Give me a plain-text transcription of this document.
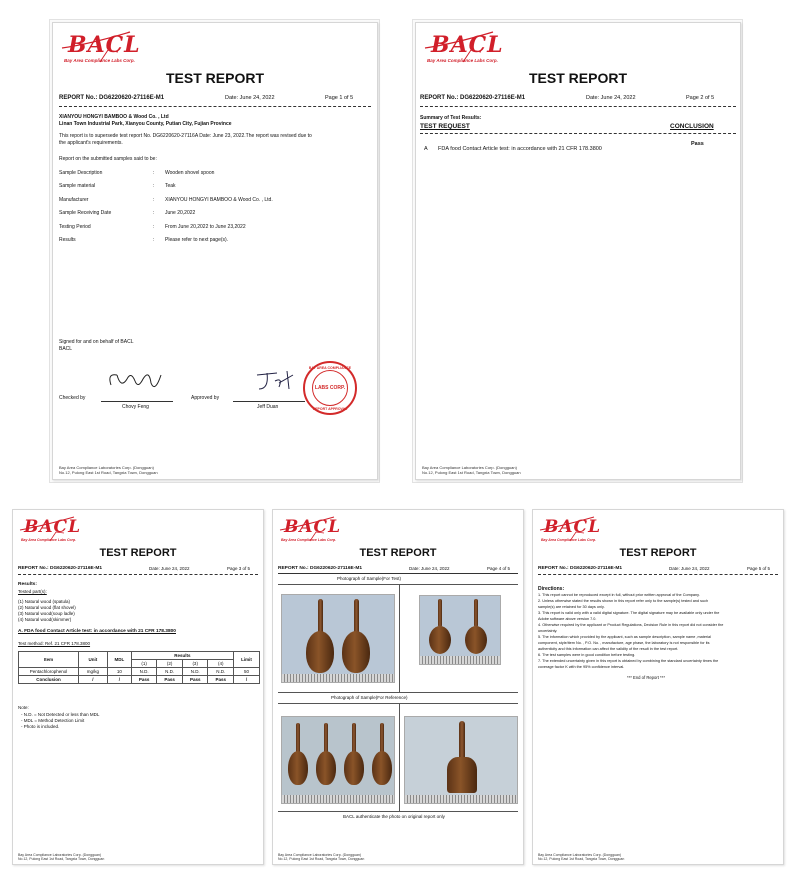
BACL
Bay Area Compliance Labs Corp.
TEST REPORT
REPORT No.: DG6220620-27116E-M1	Date: June 24, 2022	Page 1 of 5
XIANYOU HONGYI BAMBOO & Wood Co. , Ltd
Linan Town Industrial Park, Xianyou County, Putian City, Fujian Province
This report is to supersede test report No. DG6220620-27116A Date: June 23, 2022.The report was revised due to
the applicant's requirements.
Report on the submitted samples said to be:
Sample Description	: Wooden shovel spoon
Sample material	: Teak
Manufacturer	: XIANYOU HONGYI BAMBOO & Wood Co. , Ltd.
Sample Receiving Date	: June 20,2022
Testing Period	: From June 20,2022 to June 23,2022
Results	: Please refer to next page(s).
Signed for and on behalf of BACL
BACL
Checked by
Chovy Feng
Approved by
Jeff Duan
BAY AREA COMPLIANCE
LABS CORP.
REPORT APPROVAL
Bay Area Compliance Laboratories Corp. (Dongguan)
No.12, Pulong East 1st Road, Tangxia Town, Dongguan
BACL
Bay Area Compliance Labs Corp.
TEST REPORT
REPORT No.: DG6220620-27116E-M1	Date: June 24, 2022	Page 2 of 5
Summary of Test Results:
TEST REQUEST	CONCLUSION
A FDA food Contact Article test: in accordance with 21 CFR 178.3800
Pass
Bay Area Compliance Laboratories Corp. (Dongguan)
No.12, Pulong East 1st Road, Tangxia Town, Dongguan
BACL
Bay Area Compliance Labs Corp.
TEST REPORT
REPORT No.: DG6220620-27116E-M1	Date: June 24, 2022	Page 3 of 5
Results:
Tested part(s):
(1) Natural wood (spatula)
(2) Natural wood (flat shovel)
(3) Natural wood(soup ladle)
(4) Natural wood(skimmer)
A. FDA food Contact Article test: in accordance with 21 CFR 178.3800
Test method: Ref. 21 CFR 178.3800
Item	Unit	MDL	Results				Limit
			(1)	(2)	(3)	(4)	
Pentachlorophenol	mg/kg	10	N.D.	N.D.	N.D.	N.D.	50
Conclusion	/	/	Pass	Pass	Pass	Pass	/
Note:
- N.D. = Not Detected or less than MDL
- MDL = Method Detection Limit
- Photo is included.
Bay Area Compliance Laboratories Corp. (Dongguan)
No.12, Pulong East 1st Road, Tangxia Town, Dongguan
BACL
Bay Area Compliance Labs Corp.
TEST REPORT
REPORT No.: DG6220620-27116E-M1	Date: June 24, 2022	Page 4 of 5
Photograph of Sample(For Test)
Photograph of Sample(For Reference)
BACL authenticate the photo on original report only
Bay Area Compliance Laboratories Corp. (Dongguan)
No.12, Pulong East 1st Road, Tangxia Town, Dongguan
BACL
Bay Area Compliance Labs Corp.
TEST REPORT
REPORT No.: DG6220620-27116E-M1	Date: June 24, 2022	Page 5 of 5
Directions:
1. This report cannot be reproduced except in full, without prior written approval of the Company.
2. Unless otherwise stated the results shown in this report refer only to the sample(s) tested and such
sample(s) are retained for 30 days only.
3. This report is valid only with a valid digital signature. The digital signature may be available only under the
Adobe software above version 7.0.
4. Otherwise required by the applicant or Product Regulations, Decision Rule in this report did not consider the
uncertainty.
5. The information which provided by the applicant, such as sample description, sample name ,material
component, style/item No. , P.O. No. , manufacture, age phase, the laboratory is not responsible for its
authenticity and this information can affect the validity of the result in the test report.
6. The test samples were in good condition before testing.
7. The extended uncertainty given in this report is obtained by combining the standard uncertainty times the
coverage factor K with the 95% confidence interval.
*** End of Report ***
Bay Area Compliance Laboratories Corp. (Dongguan)
No.12, Pulong East 1st Road, Tangxia Town, Dongguan
